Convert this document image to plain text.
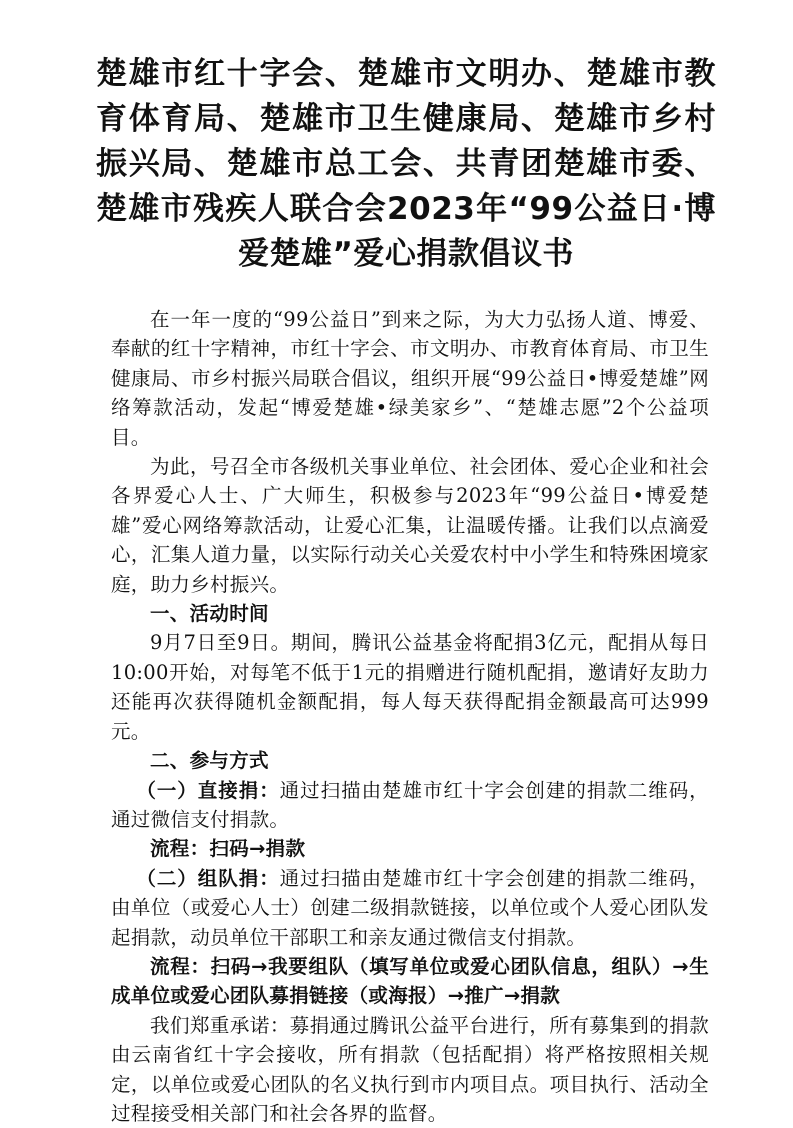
楚雄市红十字会、楚雄市文明办、楚雄市教育体育局、楚雄市卫生健康局、楚雄市乡村振兴局、楚雄市总工会、共青团楚雄市委、楚雄市残疾人联合会2023年“99公益日·博爱楚雄”爱心捐款倡议书

在一年一度的“99公益日”到来之际，为大力弘扬人道、博爱、奉献的红十字精神，市红十字会、市文明办、市教育体育局、市卫生健康局、市乡村振兴局联合倡议，组织开展“99公益日•博爱楚雄”网络筹款活动，发起“博爱楚雄•绿美家乡”、“楚雄志愿”2个公益项目。

为此，号召全市各级机关事业单位、社会团体、爱心企业和社会各界爱心人士、广大师生，积极参与2023年“99公益日•博爱楚雄”爱心网络筹款活动，让爱心汇集，让温暖传播。让我们以点滴爱心，汇集人道力量，以实际行动关心关爱农村中小学生和特殊困境家庭，助力乡村振兴。

一、活动时间

9月7日至9日。期间，腾讯公益基金将配捐3亿元，配捐从每日10:00开始，对每笔不低于1元的捐赠进行随机配捐，邀请好友助力还能再次获得随机金额配捐，每人每天获得配捐金额最高可达999元。

二、参与方式

（一）直接捐：通过扫描由楚雄市红十字会创建的捐款二维码，通过微信支付捐款。

流程：扫码→捐款

（二）组队捐：通过扫描由楚雄市红十字会创建的捐款二维码，由单位（或爱心人士）创建二级捐款链接，以单位或个人爱心团队发起捐款，动员单位干部职工和亲友通过微信支付捐款。

流程：扫码→我要组队（填写单位或爱心团队信息，组队）→生成单位或爱心团队募捐链接（或海报）→推广→捐款

我们郑重承诺：募捐通过腾讯公益平台进行，所有募集到的捐款由云南省红十字会接收，所有捐款（包括配捐）将严格按照相关规定，以单位或爱心团队的名义执行到市内项目点。项目执行、活动全过程接受相关部门和社会各界的监督。
